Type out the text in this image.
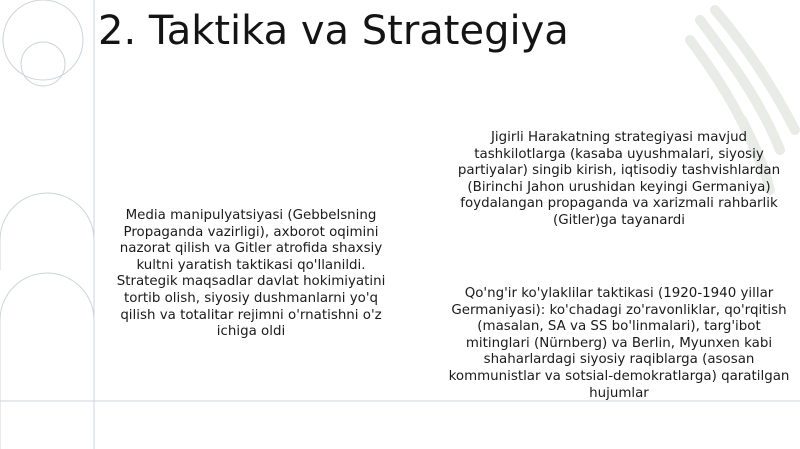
2. Taktika va Strategiya

Media manipulyatsiyasi (Gebbelsning Propaganda vazirligi), axborot oqimini nazorat qilish va Gitler atrofida shaxsiy kultni yaratish taktikasi qo'llanildi. Strategik maqsadlar davlat hokimiyatini tortib olish, siyosiy dushmanlarni yo'q qilish va totalitar rejimni o'rnatishni o'z ichiga oldi

Jigirli Harakatning strategiyasi mavjud tashkilotlarga (kasaba uyushmalari, siyosiy partiyalar) singib kirish, iqtisodiy tashvishlardan (Birinchi Jahon urushidan keyingi Germaniya) foydalangan propaganda va xarizmali rahbarlik (Gitler)ga tayanardi

Qo'ng'ir ko'ylaklilar taktikasi (1920-1940 yillar Germaniyasi): ko'chadagi zo'ravonliklar, qo'rqitish (masalan, SA va SS bo'linmalari), targ'ibot mitinglari (Nürnberg) va Berlin, Myunxen kabi shaharlardagi siyosiy raqiblarga (asosan kommunistlar va sotsial-demokratlarga) qaratilgan hujumlar
